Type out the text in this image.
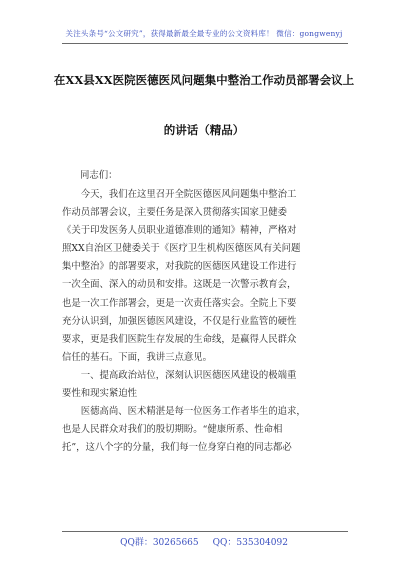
关注头条号“公文研究”，获得最新最全最专业的公文资料库！ 微信：gongwenyj
在XX县XX医院医德医风问题集中整治工作动员部署会议上
的讲话（精品）
同志们：

今天，我们在这里召开全院医德医风问题集中整治工

作动员部署会议，主要任务是深入贯彻落实国家卫健委

《关于印发医务人员职业道德准则的通知》精神，严格对

照XX自治区卫健委关于《医疗卫生机构医德医风有关问题

集中整治》的部署要求，对我院的医德医风建设工作进行

一次全面、深入的动员和安排。这既是一次警示教育会，

也是一次工作部署会，更是一次责任落实会。全院上下要

充分认识到，加强医德医风建设，不仅是行业监管的硬性

要求，更是我们医院生存发展的生命线，是赢得人民群众

信任的基石。下面，我讲三点意见。

一、提高政治站位，深刻认识医德医风建设的极端重

要性和现实紧迫性

医德高尚、医术精湛是每一位医务工作者毕生的追求，

也是人民群众对我们的殷切期盼。“健康所系、性命相

托”，这八个字的分量，我们每一位身穿白袍的同志都必

QQ群：30265665 QQ：535304092
